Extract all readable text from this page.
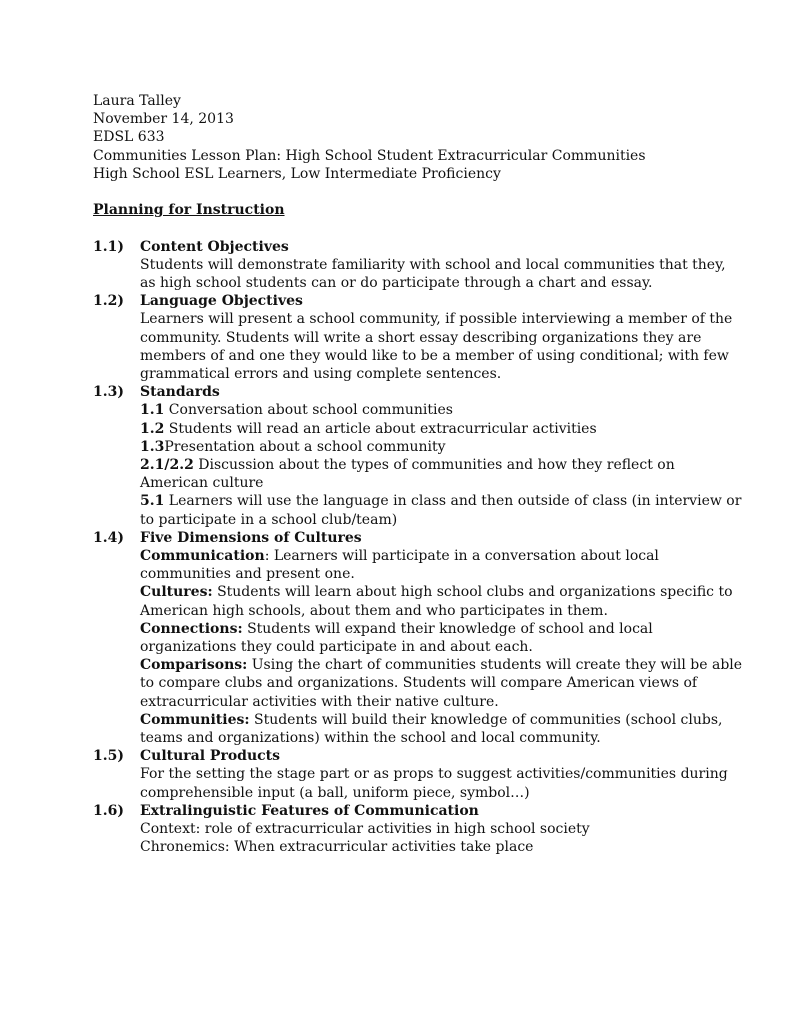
Laura Talley

November 14, 2013

EDSL 633

Communities Lesson Plan: High School Student Extracurricular Communities

High School ESL Learners, Low Intermediate Proficiency

Planning for Instruction

1.1) Content Objectives

Students will demonstrate familiarity with school and local communities that they,

as high school students can or do participate through a chart and essay.

1.2) Language Objectives

Learners will present a school community, if possible interviewing a member of the

community. Students will write a short essay describing organizations they are

members of and one they would like to be a member of using conditional; with few

grammatical errors and using complete sentences.

1.3) Standards

1.1 Conversation about school communities

1.2 Students will read an article about extracurricular activities

1.3Presentation about a school community

2.1/2.2 Discussion about the types of communities and how they reflect on

American culture

5.1 Learners will use the language in class and then outside of class (in interview or

to participate in a school club/team)

1.4) Five Dimensions of Cultures

Communication: Learners will participate in a conversation about local

communities and present one.

Cultures: Students will learn about high school clubs and organizations specific to

American high schools, about them and who participates in them.

Connections: Students will expand their knowledge of school and local

organizations they could participate in and about each.

Comparisons: Using the chart of communities students will create they will be able

to compare clubs and organizations. Students will compare American views of

extracurricular activities with their native culture.

Communities: Students will build their knowledge of communities (school clubs,

teams and organizations) within the school and local community.

1.5) Cultural Products

For the setting the stage part or as props to suggest activities/communities during

comprehensible input (a ball, uniform piece, symbol…)

1.6) Extralinguistic Features of Communication

Context: role of extracurricular activities in high school society

Chronemics: When extracurricular activities take place
